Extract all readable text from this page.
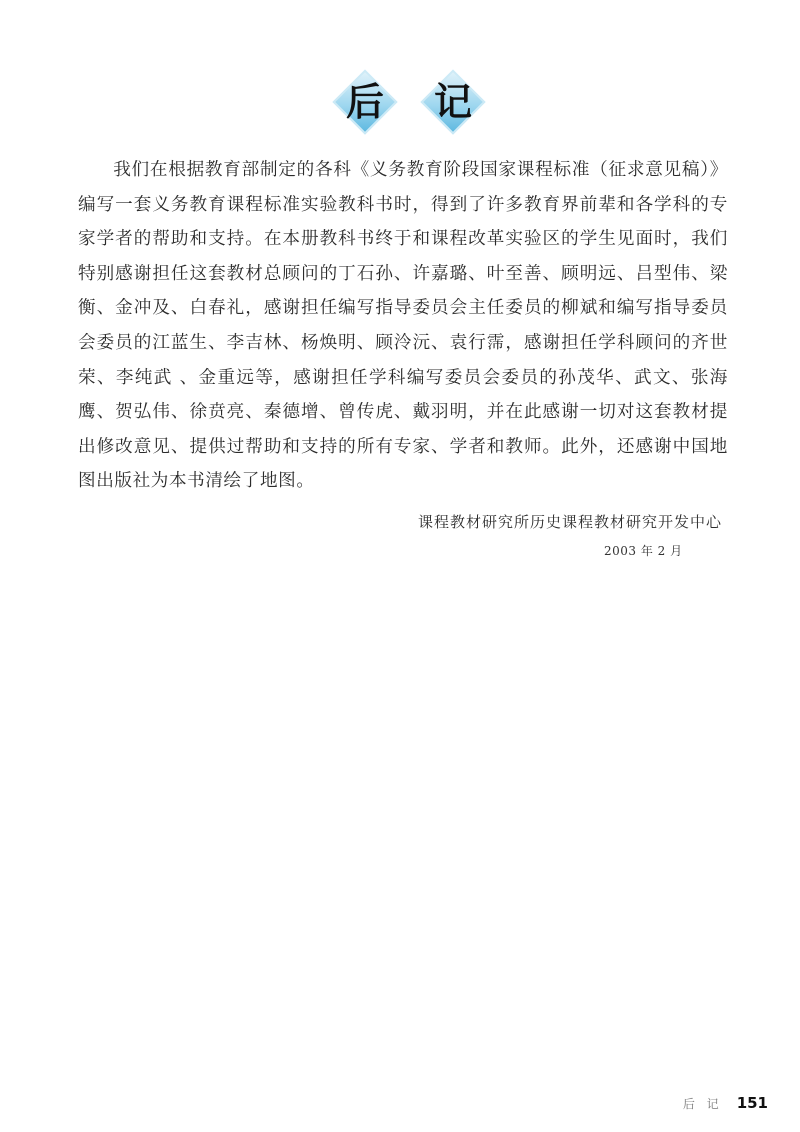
后	记

我们在根据教育部制定的各科《义务教育阶段国家课程标准（征求意见稿）》编写一套义务教育课程标准实验教科书时，得到了许多教育界前辈和各学科的专家学者的帮助和支持。在本册教科书终于和课程改革实验区的学生见面时，我们特别感谢担任这套教材总顾问的丁石孙、许嘉璐、叶至善、顾明远、吕型伟、梁衡、金冲及、白春礼，感谢担任编写指导委员会主任委员的柳斌和编写指导委员会委员的江蓝生、李吉林、杨焕明、顾泠沅、袁行霈，感谢担任学科顾问的齐世荣、李纯武 、金重远等，感谢担任学科编写委员会委员的孙茂华、武文、张海鹰、贺弘伟、徐贲亮、秦德增、曾传虎、戴羽明，并在此感谢一切对这套教材提出修改意见、提供过帮助和支持的所有专家、学者和教师。此外，还感谢中国地图出版社为本书清绘了地图。

课程教材研究所历史课程教材研究开发中心
2003 年 2 月
后 记 151
